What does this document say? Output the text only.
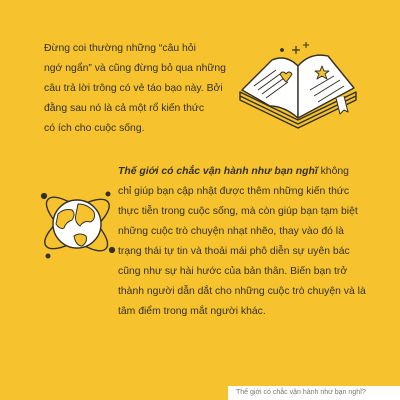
Đừng coi thường những “câu hỏi
ngớ ngẩn” và cũng đừng bỏ qua những
câu trả lời trông có vẻ táo bạo này. Bởi
đằng sau nó là cả một rổ kiến thức
có ích cho cuộc sống.
Thế giới có chắc vận hành như bạn nghĩ không
chỉ giúp bạn cập nhật được thêm những kiến thức
thực tiễn trong cuộc sống, mà còn giúp bạn tạm biệt
những cuộc trò chuyện nhạt nhẽo, thay vào đó là
trạng thái tự tin và thoải mái phô diễn sự uyên bác
cũng như sự hài hước của bản thân. Biến bạn trở
thành người dẫn dắt cho những cuộc trò chuyện và là
tâm điểm trong mắt người khác.
Thế giới có chắc vận hành như bạn nghĩ?
